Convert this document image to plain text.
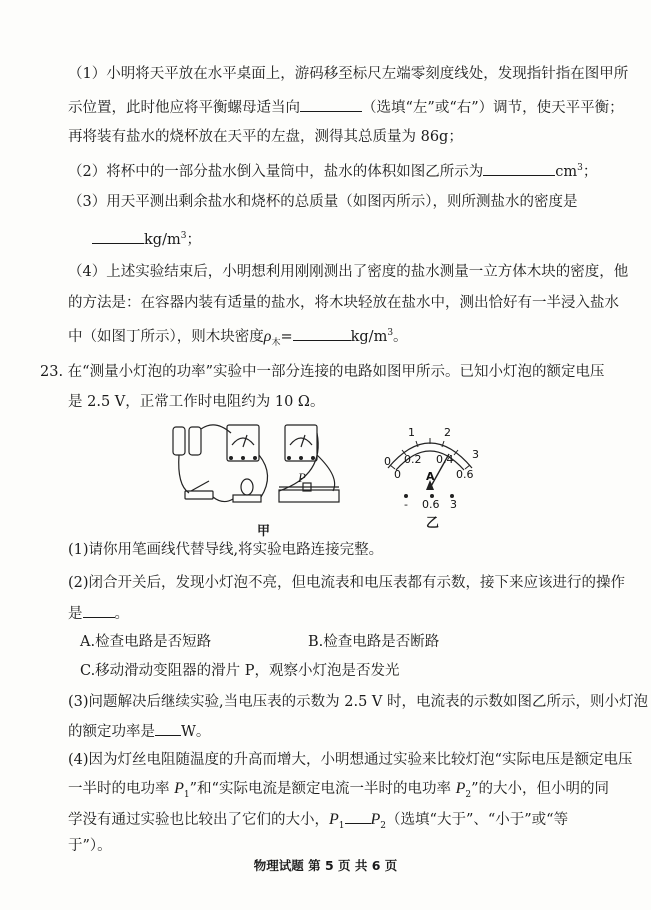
（1）小明将天平放在水平桌面上，游码移至标尺左端零刻度线处，发现指针指在图甲所
示位置，此时他应将平衡螺母适当向	（选填“左”或“右”）调节，使天平平衡；
再将装有盐水的烧杯放在天平的左盘，测得其总质量为 86g；
（2）将杯中的一部分盐水倒入量筒中，盐水的体积如图乙所示为	$cm^3$；
（3）用天平测出剩余盐水和烧杯的总质量（如图丙所示），则所测盐水的密度是
$kg/m^3$；
（4）上述实验结束后，小明想利用刚刚测出了密度的盐水测量一立方体木块的密度，他
的方法是：在容器内装有适量的盐水，将木块轻放在盐水中，测出恰好有一半浸入盐水
中（如图丁所示），则木块密度$\rho_木=$	$kg/m^3$。
23. 在“测量小灯泡的功率”实验中一部分连接的电路如图甲所示。已知小灯泡的额定电压
是 2.5 V，正常工作时电阻约为 10 Ω。
P
甲
0
1	2
3
0
0.2 0.4
0.6
A
- 0.6 3
乙
(1)请你用笔画线代替导线,将实验电路连接完整。
(2)闭合开关后，发现小灯泡不亮，但电流表和电压表都有示数，接下来应该进行的操作
是 。
A.检查电路是否短路	B.检查电路是否断路
C.移动滑动变阻器的滑片 P，观察小灯泡是否发光
(3)问题解决后继续实验,当电压表的示数为 2.5 V 时，电流表的示数如图乙所示，则小灯泡
的额定功率是 W。
(4)因为灯丝电阻随温度的升高而增大，小明想通过实验来比较灯泡“实际电压是额定电压
一半时的电功率 $P_1$”和“实际电流是额定电流一半时的电功率 $P_2$”的大小，但小明的同
学没有通过实验也比较出了它们的大小，$P_1$ $P_2$（选填“大于”、“小于”或“等
于”）。
物理试题 第 5 页 共 6 页
